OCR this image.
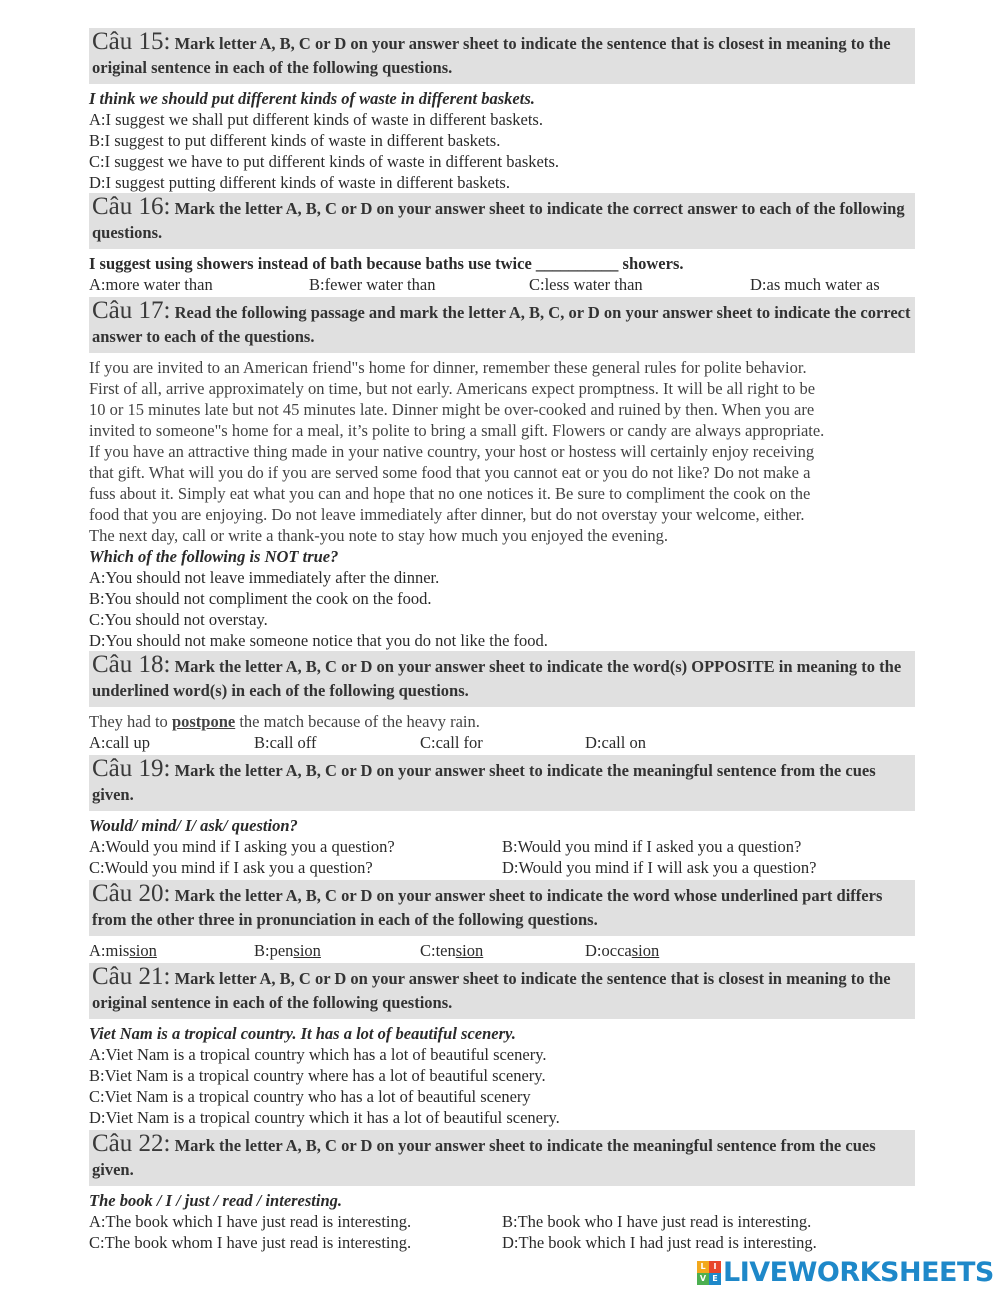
Câu 15: Mark letter A, B, C or D on your answer sheet to indicate the sentence that is closest in meaning to the original sentence in each of the following questions.
I think we should put different kinds of waste in different baskets.
A:I suggest we shall put different kinds of waste in different baskets.
B:I suggest to put different kinds of waste in different baskets.
C:I suggest we have to put different kinds of waste in different baskets.
D:I suggest putting different kinds of waste in different baskets.
Câu 16: Mark the letter A, B, C or D on your answer sheet to indicate the correct answer to each of the following questions.
I suggest using showers instead of bath because baths use twice __________ showers.
A:more water than	B:fewer water than	C:less water than	D:as much water as
Câu 17: Read the following passage and mark the letter A, B, C, or D on your answer sheet to indicate the correct answer to each of the questions.
If you are invited to an American friend"s home for dinner, remember these general rules for polite behavior.
First of all, arrive approximately on time, but not early. Americans expect promptness. It will be all right to be
10 or 15 minutes late but not 45 minutes late. Dinner might be over-cooked and ruined by then. When you are
invited to someone"s home for a meal, it’s polite to bring a small gift. Flowers or candy are always appropriate.
If you have an attractive thing made in your native country, your host or hostess will certainly enjoy receiving
that gift. What will you do if you are served some food that you cannot eat or you do not like? Do not make a
fuss about it. Simply eat what you can and hope that no one notices it. Be sure to compliment the cook on the
food that you are enjoying. Do not leave immediately after dinner, but do not overstay your welcome, either.
The next day, call or write a thank-you note to stay how much you enjoyed the evening.
Which of the following is NOT true?
A:You should not leave immediately after the dinner.
B:You should not compliment the cook on the food.
C:You should not overstay.
D:You should not make someone notice that you do not like the food.
Câu 18: Mark the letter A, B, C or D on your answer sheet to indicate the word(s) OPPOSITE in meaning to the underlined word(s) in each of the following questions.
They had to postpone the match because of the heavy rain.
A:call up	B:call off	C:call for	D:call on
Câu 19: Mark the letter A, B, C or D on your answer sheet to indicate the meaningful sentence from the cues given.
Would/ mind/ I/ ask/ question?
A:Would you mind if I asking you a question?	B:Would you mind if I asked you a question?
C:Would you mind if I ask you a question?	D:Would you mind if I will ask you a question?
Câu 20: Mark the letter A, B, C or D on your answer sheet to indicate the word whose underlined part differs from the other three in pronunciation in each of the following questions.
A:mission	B:pension	C:tension	D:occasion
Câu 21: Mark letter A, B, C or D on your answer sheet to indicate the sentence that is closest in meaning to the original sentence in each of the following questions.
Viet Nam is a tropical country. It has a lot of beautiful scenery.
A:Viet Nam is a tropical country which has a lot of beautiful scenery.
B:Viet Nam is a tropical country where has a lot of beautiful scenery.
C:Viet Nam is a tropical country who has a lot of beautiful scenery
D:Viet Nam is a tropical country which it has a lot of beautiful scenery.
Câu 22: Mark the letter A, B, C or D on your answer sheet to indicate the meaningful sentence from the cues given.
The book / I / just / read / interesting.
A:The book which I have just read is interesting.	B:The book who I have just read is interesting.
C:The book whom I have just read is interesting.	D:The book which I had just read is interesting.
L I
V E LIVEWORKSHEETS
